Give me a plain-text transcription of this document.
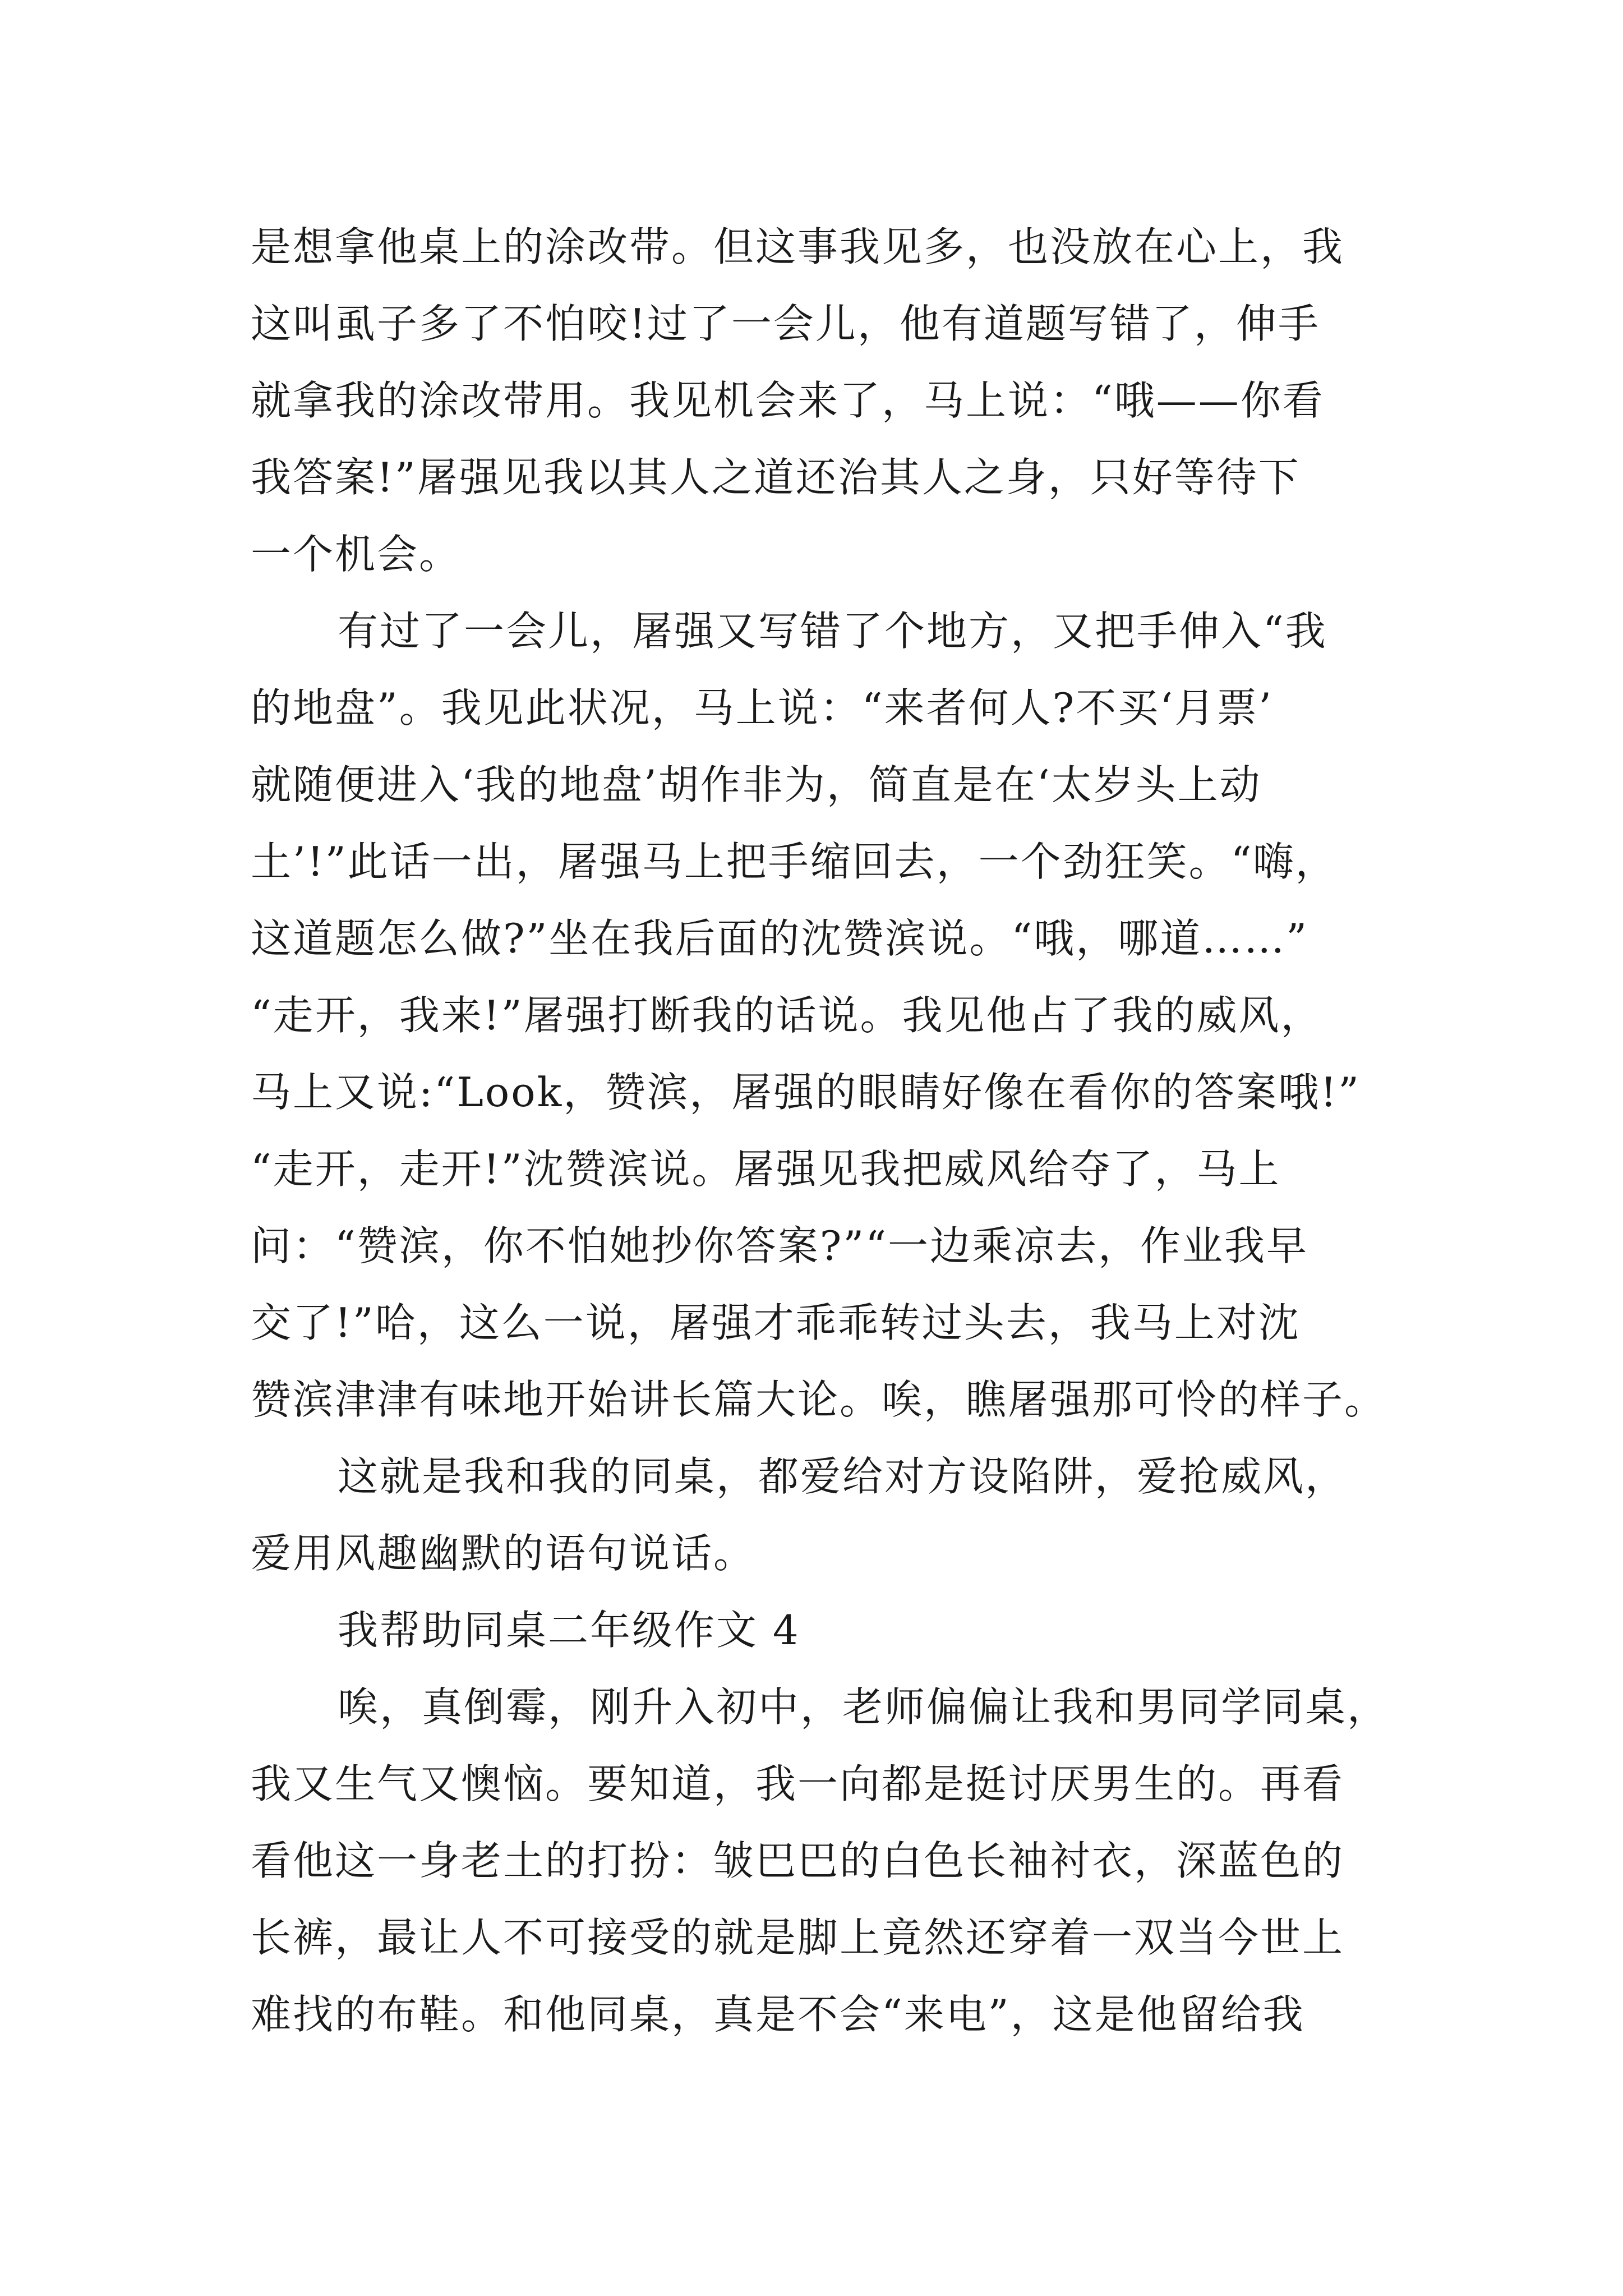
是想拿他桌上的涂改带。但这事我见多，也没放在心上，我
这叫虱子多了不怕咬!过了一会儿，他有道题写错了，伸手
就拿我的涂改带用。我见机会来了，马上说：“哦——你看
我答案!”屠强见我以其人之道还治其人之身，只好等待下
一个机会。
有过了一会儿，屠强又写错了个地方，又把手伸入“我
的地盘”。我见此状况，马上说：“来者何人?不买‘月票’
就随便进入‘我的地盘’胡作非为，简直是在‘太岁头上动
土’!”此话一出，屠强马上把手缩回去，一个劲狂笑。“嗨，
这道题怎么做?”坐在我后面的沈赞滨说。“哦，哪道……”
“走开，我来!”屠强打断我的话说。我见他占了我的威风，
马上又说:“Look，赞滨，屠强的眼睛好像在看你的答案哦!”
“走开，走开!”沈赞滨说。屠强见我把威风给夺了，马上
问：“赞滨，你不怕她抄你答案?”“一边乘凉去，作业我早
交了!”哈，这么一说，屠强才乖乖转过头去，我马上对沈
赞滨津津有味地开始讲长篇大论。唉，瞧屠强那可怜的样子。
这就是我和我的同桌，都爱给对方设陷阱，爱抢威风，
爱用风趣幽默的语句说话。
我帮助同桌二年级作文 4
唉，真倒霉，刚升入初中，老师偏偏让我和男同学同桌，
我又生气又懊恼。要知道，我一向都是挺讨厌男生的。再看
看他这一身老土的打扮：皱巴巴的白色长袖衬衣，深蓝色的
长裤，最让人不可接受的就是脚上竟然还穿着一双当今世上
难找的布鞋。和他同桌，真是不会“来电”，这是他留给我
